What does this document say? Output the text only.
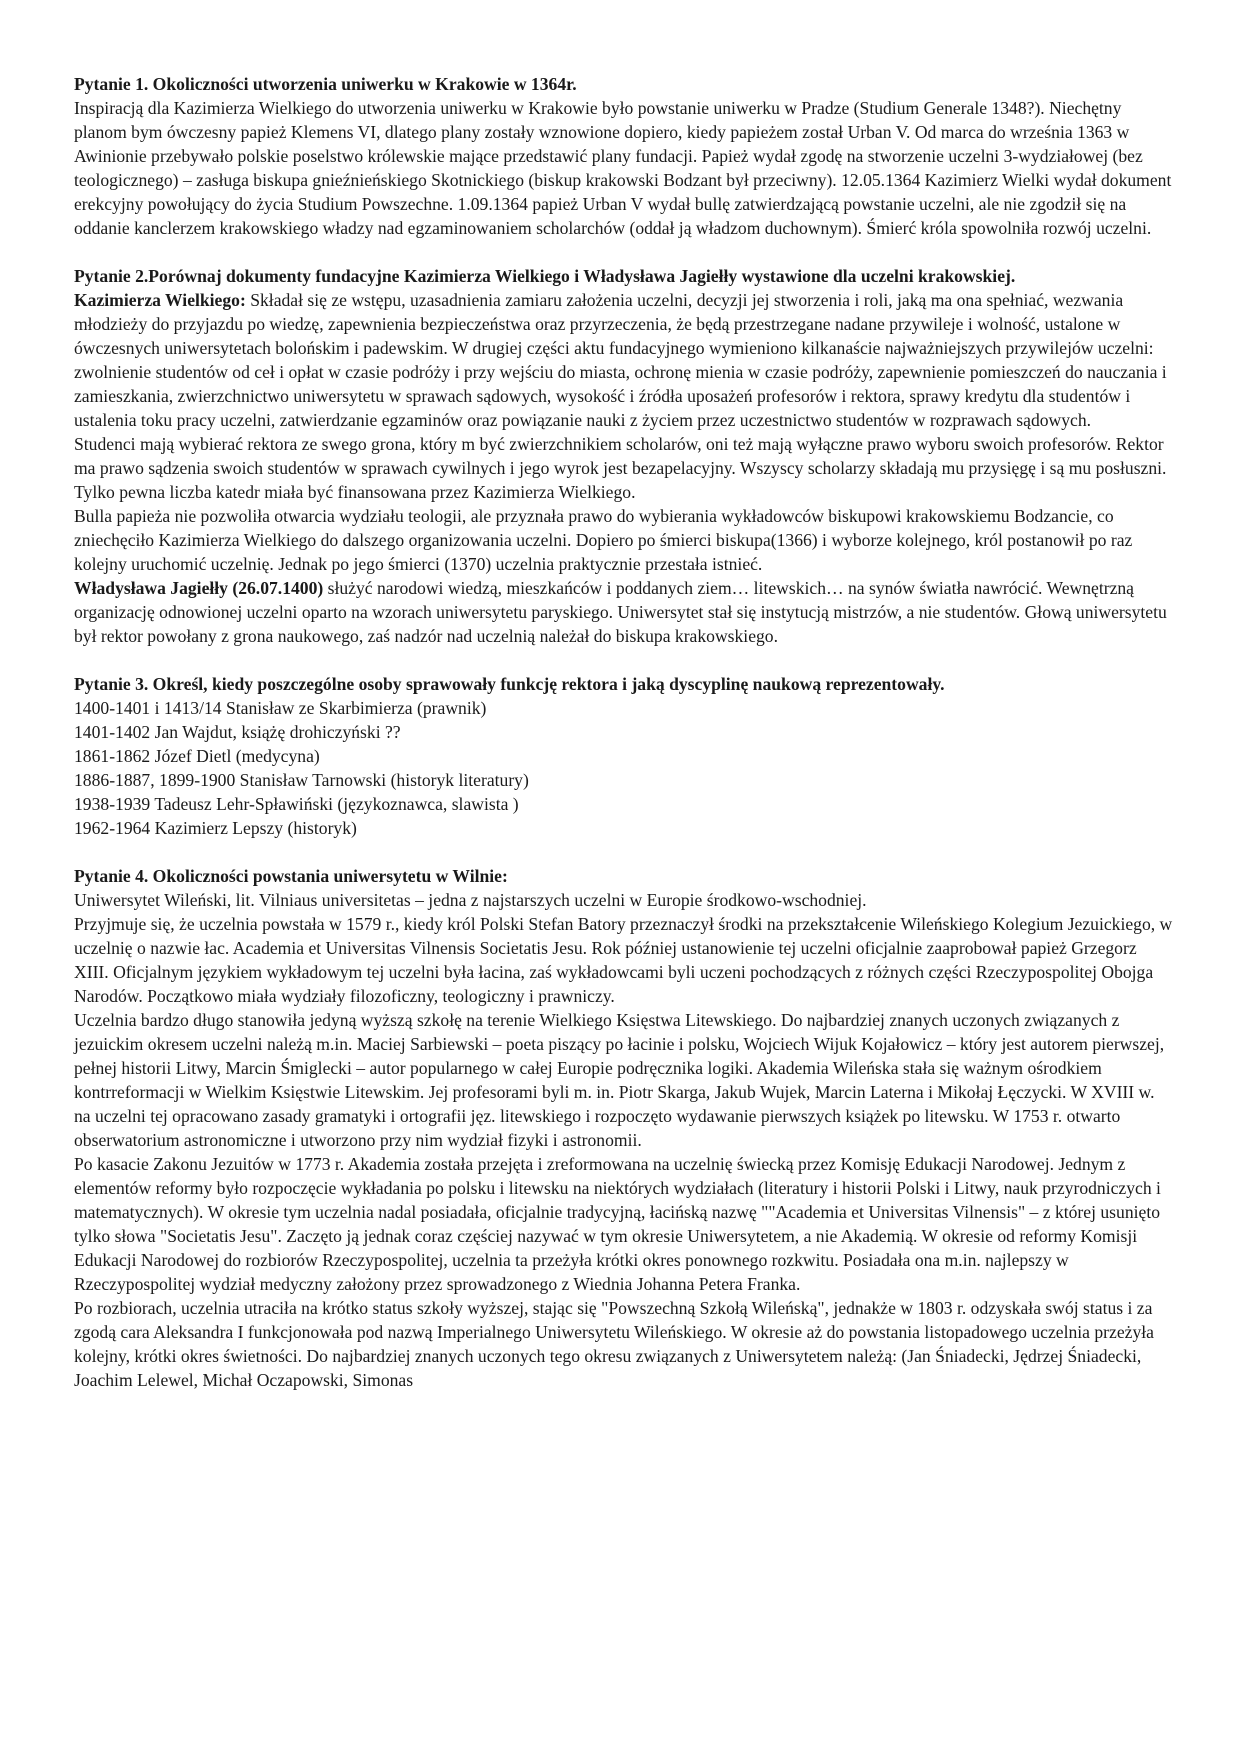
Pytanie 1. Okoliczności utworzenia uniwerku w Krakowie w 1364r.

Inspiracją dla Kazimierza Wielkiego do utworzenia uniwerku w Krakowie było powstanie uniwerku w Pradze (Studium Generale 1348?). Niechętny planom bym ówczesny papież Klemens VI, dlatego plany zostały wznowione dopiero, kiedy papieżem został Urban V. Od marca do września 1363 w Awinionie przebywało polskie poselstwo królewskie mające przedstawić plany fundacji. Papież wydał zgodę na stworzenie uczelni 3-wydziałowej (bez teologicznego) – zasługa biskupa gnieźnieńskiego Skotnickiego (biskup krakowski Bodzant był przeciwny). 12.05.1364 Kazimierz Wielki wydał dokument erekcyjny powołujący do życia Studium Powszechne. 1.09.1364 papież Urban V wydał bullę zatwierdzającą powstanie uczelni, ale nie zgodził się na oddanie kanclerzem krakowskiego władzy nad egzaminowaniem scholarchów (oddał ją władzom duchownym). Śmierć króla spowolniła rozwój uczelni.

Pytanie 2.Porównaj dokumenty fundacyjne Kazimierza Wielkiego i Władysława Jagiełły wystawione dla uczelni krakowskiej.

Kazimierza Wielkiego: Składał się ze wstępu, uzasadnienia zamiaru założenia uczelni, decyzji jej stworzenia i roli, jaką ma ona spełniać, wezwania młodzieży do przyjazdu po wiedzę, zapewnienia bezpieczeństwa oraz przyrzeczenia, że będą przestrzegane nadane przywileje i wolność, ustalone w ówczesnych uniwersytetach bolońskim i padewskim. W drugiej części aktu fundacyjnego wymieniono kilkanaście najważniejszych przywilejów uczelni: zwolnienie studentów od ceł i opłat w czasie podróży i przy wejściu do miasta, ochronę mienia w czasie podróży, zapewnienie pomieszczeń do nauczania i zamieszkania, zwierzchnictwo uniwersytetu w sprawach sądowych, wysokość i źródła uposażeń profesorów i rektora, sprawy kredytu dla studentów i ustalenia toku pracy uczelni, zatwierdzanie egzaminów oraz powiązanie nauki z życiem przez uczestnictwo studentów w rozprawach sądowych.

Studenci mają wybierać rektora ze swego grona, który m być zwierzchnikiem scholarów, oni też mają wyłączne prawo wyboru swoich profesorów. Rektor ma prawo sądzenia swoich studentów w sprawach cywilnych i jego wyrok jest bezapelacyjny. Wszyscy scholarzy składają mu przysięgę i są mu posłuszni.

Tylko pewna liczba katedr miała być finansowana przez Kazimierza Wielkiego.

Bulla papieża nie pozwoliła otwarcia wydziału teologii, ale przyznała prawo do wybierania wykładowców biskupowi krakowskiemu Bodzancie, co zniechęciło Kazimierza Wielkiego do dalszego organizowania uczelni. Dopiero po śmierci biskupa(1366) i wyborze kolejnego, król postanowił po raz kolejny uruchomić uczelnię. Jednak po jego śmierci (1370) uczelnia praktycznie przestała istnieć.

Władysława Jagiełły (26.07.1400) służyć narodowi wiedzą, mieszkańców i poddanych ziem… litewskich… na synów światła nawrócić. Wewnętrzną organizację odnowionej uczelni oparto na wzorach uniwersytetu paryskiego. Uniwersytet stał się instytucją mistrzów, a nie studentów. Głową uniwersytetu był rektor powołany z grona naukowego, zaś nadzór nad uczelnią należał do biskupa krakowskiego.

Pytanie 3. Określ, kiedy poszczególne osoby sprawowały funkcję rektora i jaką dyscyplinę naukową reprezentowały.

1400-1401 i 1413/14 Stanisław ze Skarbimierza (prawnik)

1401-1402 Jan Wajdut, książę drohiczyński ??

1861-1862 Józef Dietl (medycyna)

1886-1887, 1899-1900 Stanisław Tarnowski (historyk literatury)

1938-1939 Tadeusz Lehr-Spławiński (językoznawca, slawista )

1962-1964 Kazimierz Lepszy (historyk)

Pytanie 4. Okoliczności powstania uniwersytetu w Wilnie:

Uniwersytet Wileński, lit. Vilniaus universitetas – jedna z najstarszych uczelni w Europie środkowo-wschodniej.

Przyjmuje się, że uczelnia powstała w 1579 r., kiedy król Polski Stefan Batory przeznaczył środki na przekształcenie Wileńskiego Kolegium Jezuickiego, w uczelnię o nazwie łac. Academia et Universitas Vilnensis Societatis Jesu. Rok później ustanowienie tej uczelni oficjalnie zaaprobował papież Grzegorz XIII. Oficjalnym językiem wykładowym tej uczelni była łacina, zaś wykładowcami byli uczeni pochodzących z różnych części Rzeczypospolitej Obojga Narodów. Początkowo miała wydziały filozoficzny, teologiczny i prawniczy.

Uczelnia bardzo długo stanowiła jedyną wyższą szkołę na terenie Wielkiego Księstwa Litewskiego. Do najbardziej znanych uczonych związanych z jezuickim okresem uczelni należą m.in. Maciej Sarbiewski – poeta piszący po łacinie i polsku, Wojciech Wijuk Kojałowicz – który jest autorem pierwszej, pełnej historii Litwy, Marcin Śmiglecki – autor popularnego w całej Europie podręcznika logiki. Akademia Wileńska stała się ważnym ośrodkiem kontrreformacji w Wielkim Księstwie Litewskim. Jej profesorami byli m. in. Piotr Skarga, Jakub Wujek, Marcin Laterna i Mikołaj Łęczycki. W XVIII w. na uczelni tej opracowano zasady gramatyki i ortografii jęz. litewskiego i rozpoczęto wydawanie pierwszych książek po litewsku. W 1753 r. otwarto obserwatorium astronomiczne i utworzono przy nim wydział fizyki i astronomii.

Po kasacie Zakonu Jezuitów w 1773 r. Akademia została przejęta i zreformowana na uczelnię świecką przez Komisję Edukacji Narodowej. Jednym z elementów reformy było rozpoczęcie wykładania po polsku i litewsku na niektórych wydziałach (literatury i historii Polski i Litwy, nauk przyrodniczych i matematycznych). W okresie tym uczelnia nadal posiadała, oficjalnie tradycyjną, łacińską nazwę ""Academia et Universitas Vilnensis" – z której usunięto tylko słowa "Societatis Jesu". Zaczęto ją jednak coraz częściej nazywać w tym okresie Uniwersytetem, a nie Akademią. W okresie od reformy Komisji Edukacji Narodowej do rozbiorów Rzeczypospolitej, uczelnia ta przeżyła krótki okres ponownego rozkwitu. Posiadała ona m.in. najlepszy w Rzeczypospolitej wydział medyczny założony przez sprowadzonego z Wiednia Johanna Petera Franka.

Po rozbiorach, uczelnia utraciła na krótko status szkoły wyższej, stając się "Powszechną Szkołą Wileńską", jednakże w 1803 r. odzyskała swój status i za zgodą cara Aleksandra I funkcjonowała pod nazwą Imperialnego Uniwersytetu Wileńskiego. W okresie aż do powstania listopadowego uczelnia przeżyła kolejny, krótki okres świetności. Do najbardziej znanych uczonych tego okresu związanych z Uniwersytetem należą: (Jan Śniadecki, Jędrzej Śniadecki, Joachim Lelewel, Michał Oczapowski, Simonas
